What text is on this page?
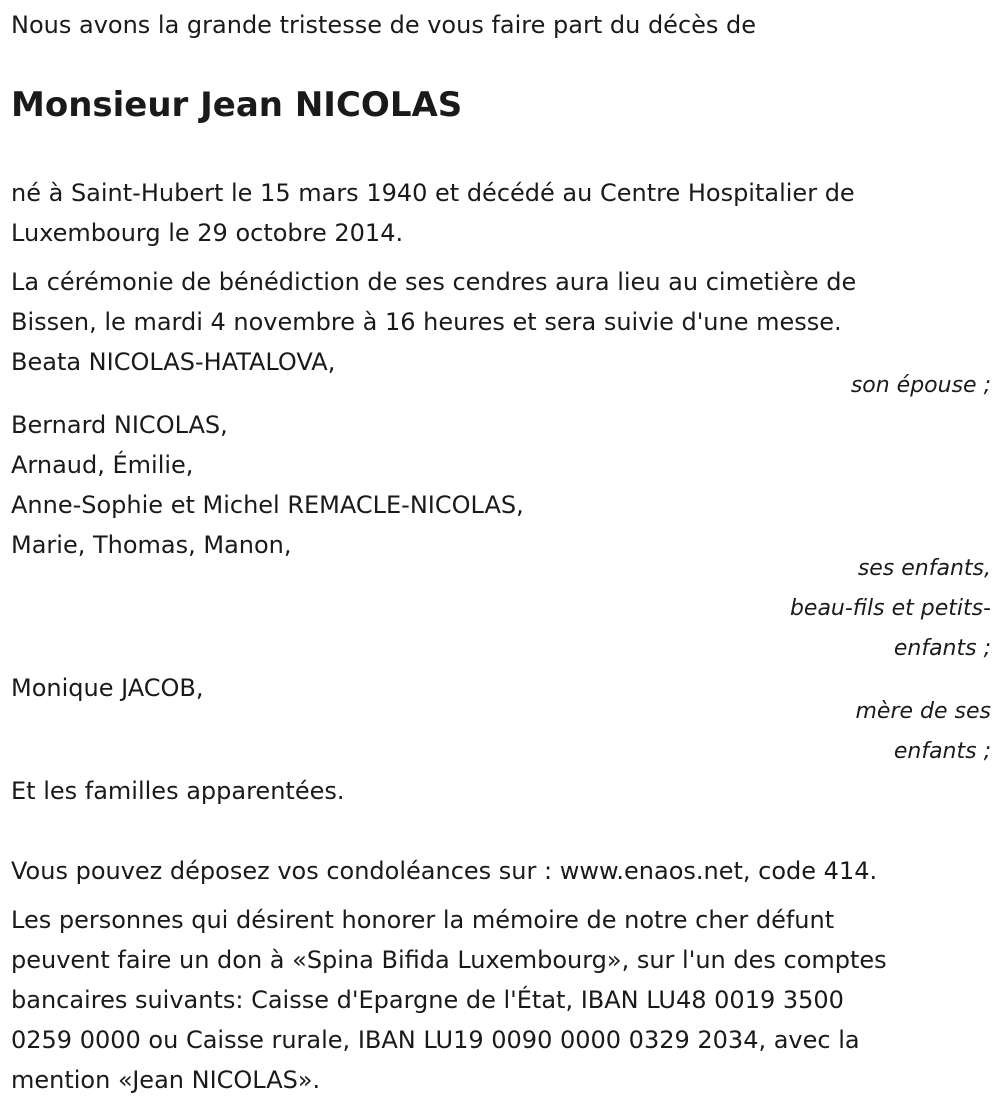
Nous avons la grande tristesse de vous faire part du décès de
Monsieur Jean NICOLAS
né à Saint-Hubert le 15 mars 1940 et décédé au Centre Hospitalier de
Luxembourg le 29 octobre 2014.
La cérémonie de bénédiction de ses cendres aura lieu au cimetière de
Bissen, le mardi 4 novembre à 16 heures et sera suivie d'une messe.
Beata NICOLAS-HATALOVA,
son épouse ;
Bernard NICOLAS,
Arnaud, Émilie,
Anne-Sophie et Michel REMACLE-NICOLAS,
Marie, Thomas, Manon,
ses enfants,
beau-fils et petits-
enfants ;
Monique JACOB,
mère de ses
enfants ;
Et les familles apparentées.
Vous pouvez déposez vos condoléances sur : www.enaos.net, code 414.
Les personnes qui désirent honorer la mémoire de notre cher défunt
peuvent faire un don à «Spina Bifida Luxembourg», sur l'un des comptes
bancaires suivants: Caisse d'Epargne de l'État, IBAN LU48 0019 3500
0259 0000 ou Caisse rurale, IBAN LU19 0090 0000 0329 2034, avec la
mention «Jean NICOLAS».
